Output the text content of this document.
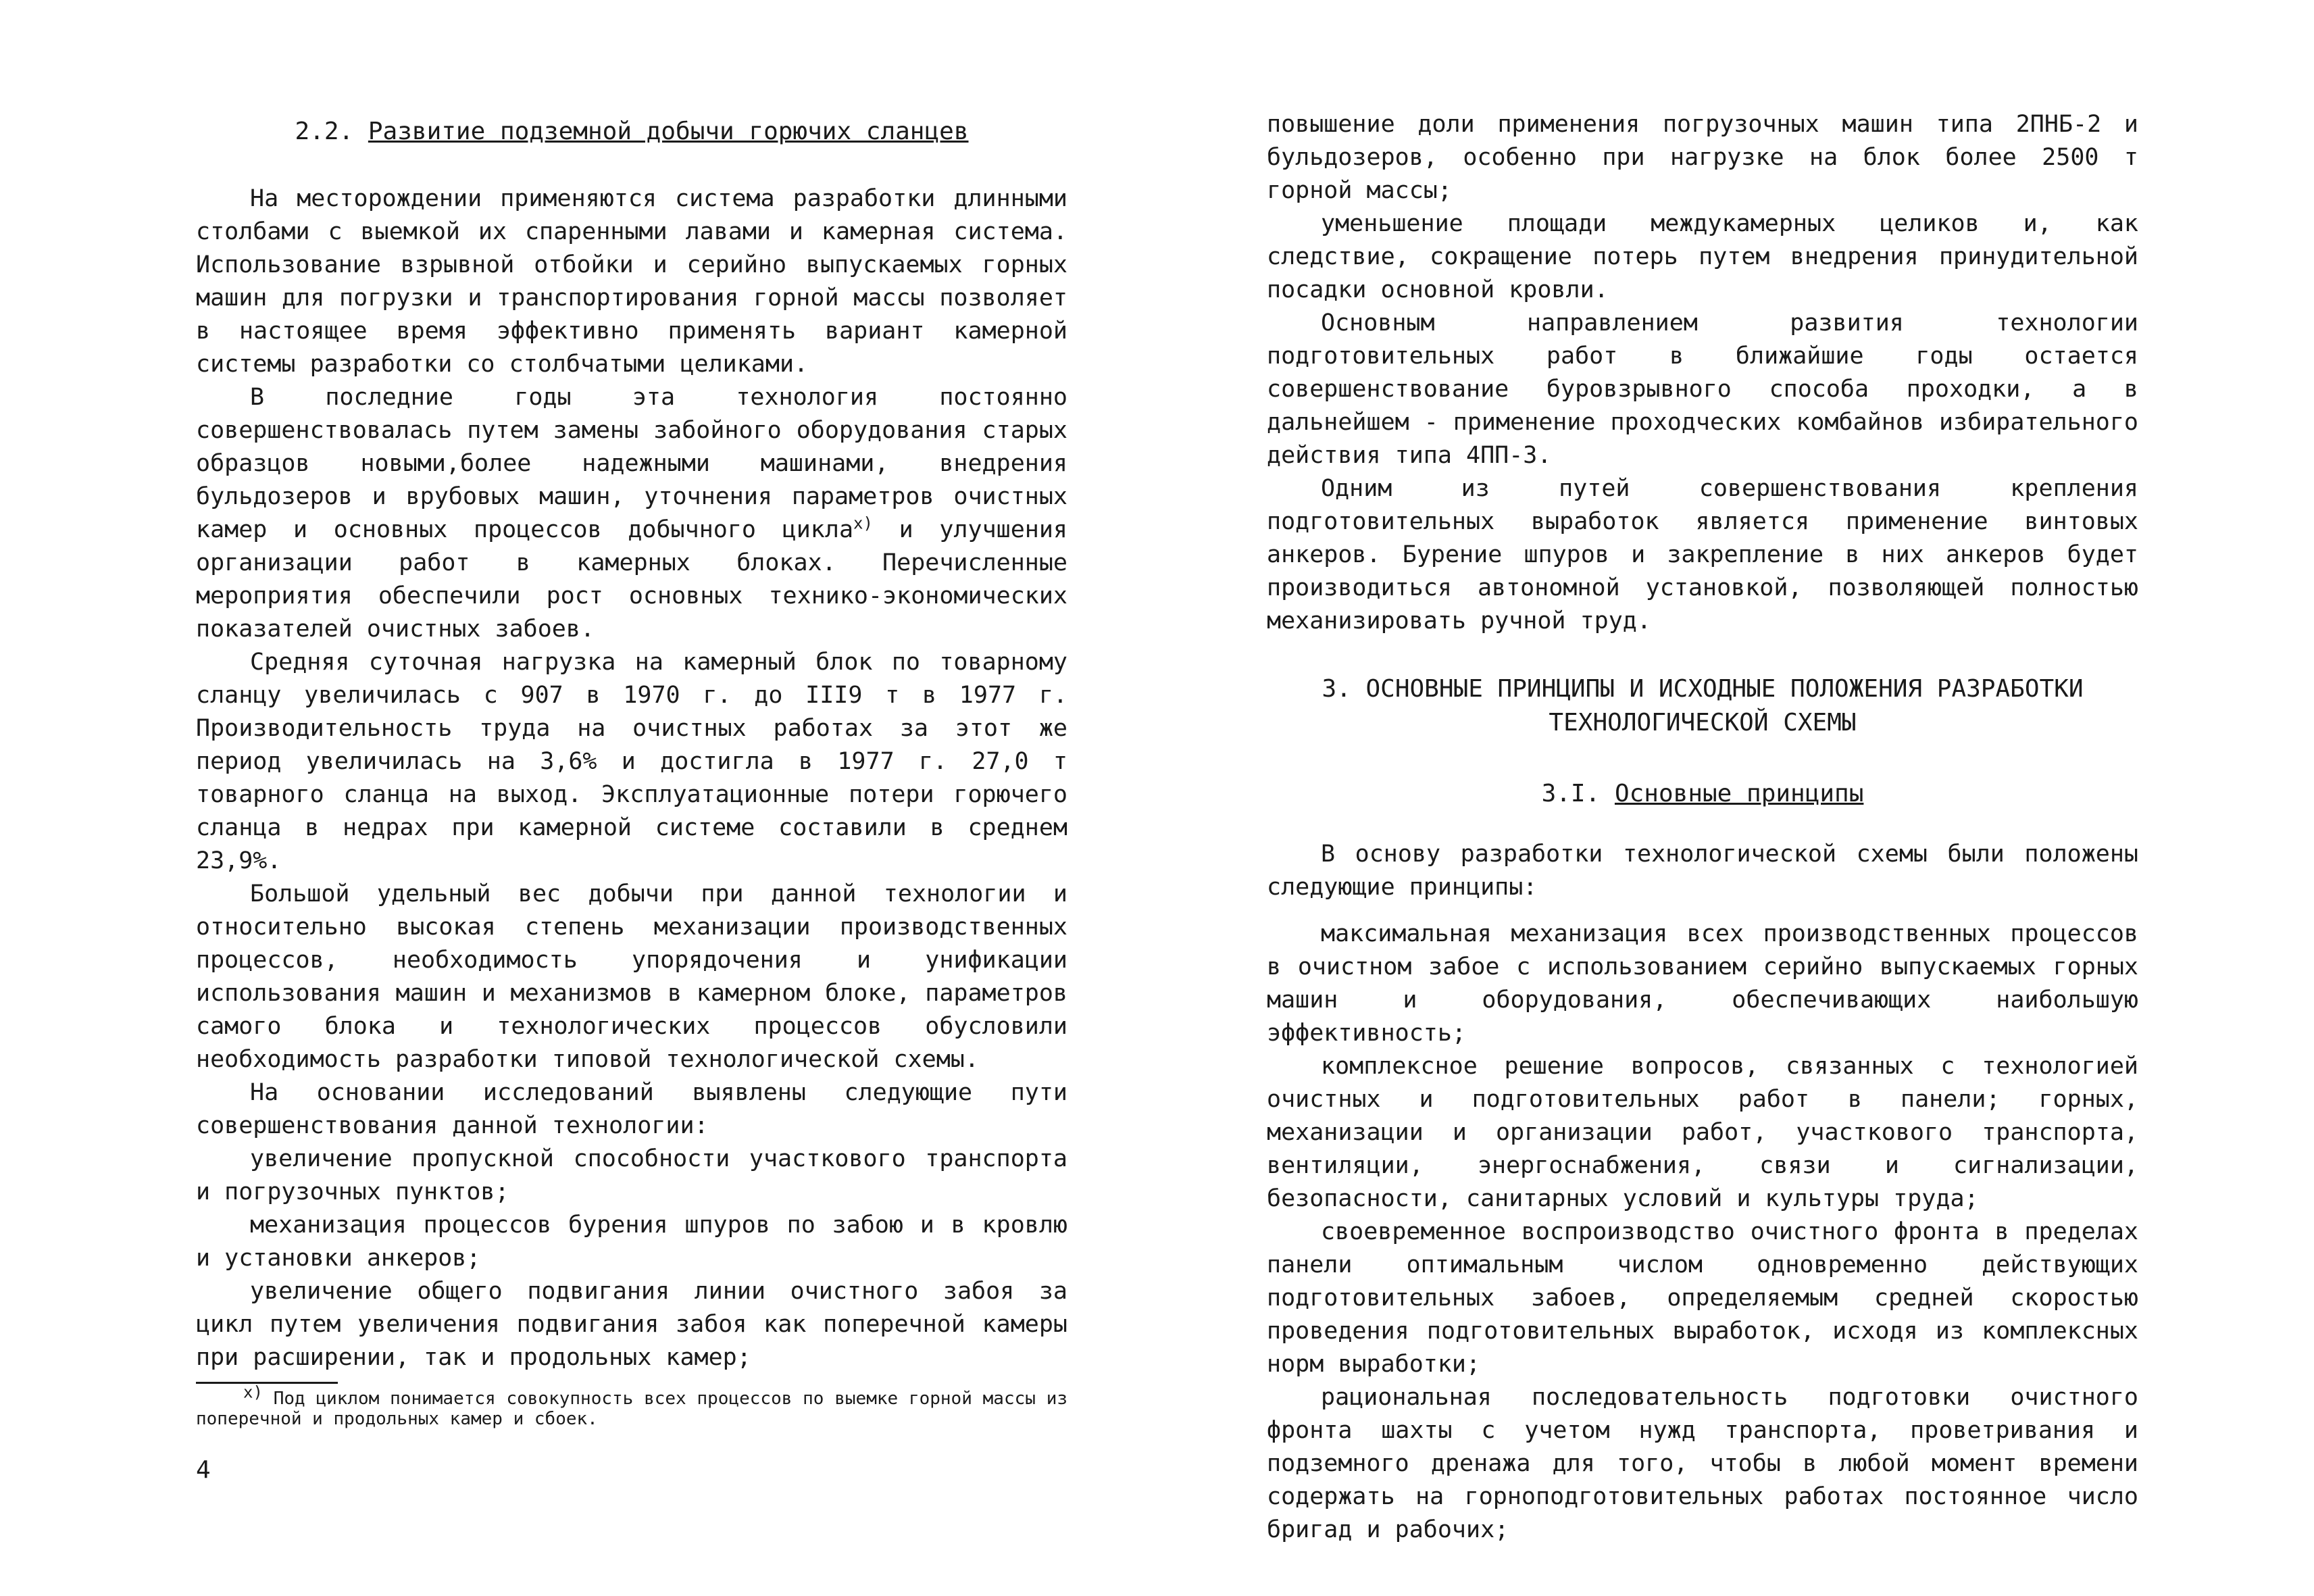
2.2. Развитие подземной добычи горючих сланцев

На месторождении применяются система разработки длинными столбами с выемкой их спаренными лавами и камерная система. Использование взрывной отбойки и серийно выпускаемых горных машин для погрузки и транспортирования горной массы позволяет в настоящее время эффективно применять вариант камерной системы разработки со столбчатыми целиками.

В последние годы эта технология постоянно совершенствовалась путем замены забойного оборудования старых образцов новыми,более надежными машинами, внедрения бульдозеров и врубовых машин, уточнения параметров очистных камер и основных процессов добычного цикла$^{x)}$ и улучшения организации работ в камерных блоках. Перечисленные мероприятия обеспечили рост основных технико-экономических показателей очистных забоев.

Средняя суточная нагрузка на камерный блок по товарному сланцу увеличилась с 907 в 1970 г. до III9 т в 1977 г. Производительность труда на очистных работах за этот же период увеличилась на 3,6% и достигла в 1977 г. 27,0 т товарного сланца на выход. Эксплуатационные потери горючего сланца в недрах при камерной системе составили в среднем 23,9%.

Большой удельный вес добычи при данной технологии и относительно высокая степень механизации производственных процессов, необходимость упорядочения и унификации использования машин и механизмов в камерном блоке, параметров самого блока и технологических процессов обусловили необходимость разработки типовой технологической схемы.

На основании исследований выявлены следующие пути совершенствования данной технологии:

увеличение пропускной способности участкового транспорта и погрузочных пунктов;

механизация процессов бурения шпуров по забою и в кровлю и установки анкеров;

увеличение общего подвигания линии очистного забоя за цикл путем увеличения подвигания забоя как поперечной камеры при расширении, так и продольных камер;

$^{x)}$ Под циклом понимается совокупность всех процессов по выемке горной массы из поперечной и продольных камер и сбоек.

4

повышение доли применения погрузочных машин типа 2ПНБ-2 и бульдозеров, особенно при нагрузке на блок более 2500 т горной массы;

уменьшение площади междукамерных целиков и, как следствие, сокращение потерь путем внедрения принудительной посадки основной кровли.

Основным направлением развития технологии подготовительных работ в ближайшие годы остается совершенствование буровзрывного способа проходки, а в дальнейшем - применение проходческих комбайнов избирательного действия типа 4ПП-3.

Одним из путей совершенствования крепления подготовительных выработок является применение винтовых анкеров. Бурение шпуров и закрепление в них анкеров будет производиться автономной установкой, позволяющей полностью механизировать ручной труд.

3. ОСНОВНЫЕ ПРИНЦИПЫ И ИСХОДНЫЕ ПОЛОЖЕНИЯ РАЗРАБОТКИ

ТЕХНОЛОГИЧЕСКОЙ СХЕМЫ

3.I. Основные принципы

В основу разработки технологической схемы были положены следующие принципы:

максимальная механизация всех производственных процессов в очистном забое с использованием серийно выпускаемых горных машин и оборудования, обеспечивающих наибольшую эффективность;

комплексное решение вопросов, связанных с технологией очистных и подготовительных работ в панели; горных, механизации и организации работ, участкового транспорта, вентиляции, энергоснабжения, связи и сигнализации, безопасности, санитарных условий и культуры труда;

своевременное воспроизводство очистного фронта в пределах панели оптимальным числом одновременно действующих подготовительных забоев, определяемым средней скоростью проведения подготовительных выработок, исходя из комплексных норм выработки;

рациональная последовательность подготовки очистного фронта шахты с учетом нужд транспорта, проветривания и подземного дренажа для того, чтобы в любой момент времени содержать на горноподготовительных работах постоянное число бригад и рабочих;
